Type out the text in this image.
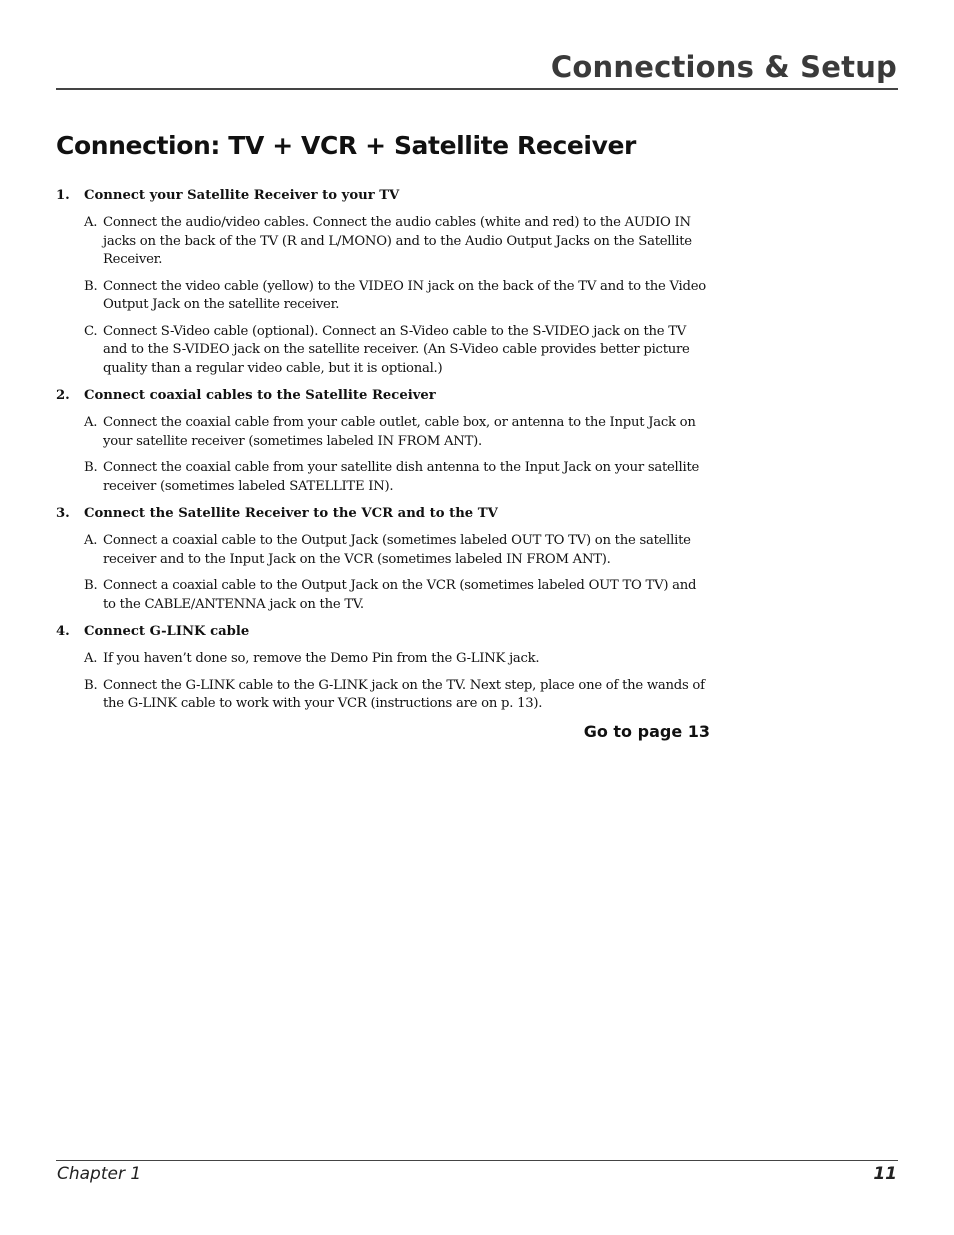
Connections & Setup
Connection: TV + VCR + Satellite Receiver
1.	Connect your Satellite Receiver to your TV
A. Connect the audio/video cables. Connect the audio cables (white and red) to the AUDIO IN jacks on the back of the TV (R and L/MONO) and to the Audio Output Jacks on the Satellite Receiver.
B. Connect the video cable (yellow) to the VIDEO IN jack on the back of the TV and to the Video Output Jack on the satellite receiver.
C. Connect S-Video cable (optional). Connect an S-Video cable to the S-VIDEO jack on the TV and to the S-VIDEO jack on the satellite receiver. (An S-Video cable provides better picture quality than a regular video cable, but it is optional.)
2.	Connect coaxial cables to the Satellite Receiver
A. Connect the coaxial cable from your cable outlet, cable box, or antenna to the Input Jack on your satellite receiver (sometimes labeled IN FROM ANT).
B. Connect the coaxial cable from your satellite dish antenna to the Input Jack on your satellite receiver (sometimes labeled SATELLITE IN).
3.	Connect the Satellite Receiver to the VCR and to the TV
A. Connect a coaxial cable to the Output Jack (sometimes labeled OUT TO TV) on the satellite receiver and to the Input Jack on the VCR (sometimes labeled IN FROM ANT).
B. Connect a coaxial cable to the Output Jack on the VCR (sometimes labeled OUT TO TV) and to the CABLE/ANTENNA jack on the TV.
4.	Connect G-LINK cable
A. If you haven’t done so, remove the Demo Pin from the G-LINK jack.
B. Connect the G-LINK cable to the G-LINK jack on the TV. Next step, place one of the wands of the G-LINK cable to work with your VCR (instructions are on p. 13).
Go to page 13
Chapter 1	11
